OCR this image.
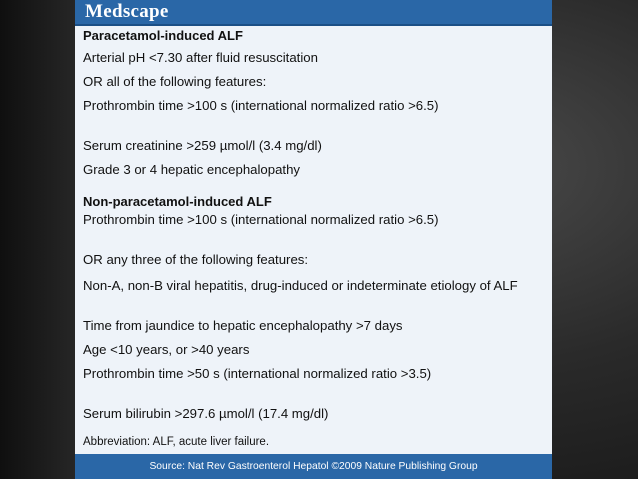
Medscape
Paracetamol-induced ALF
Arterial pH <7.30 after fluid resuscitation
OR all of the following features:
Prothrombin time >100 s (international normalized ratio >6.5)
Serum creatinine >259 µmol/l (3.4 mg/dl)
Grade 3 or 4 hepatic encephalopathy
Non-paracetamol-induced ALF
Prothrombin time >100 s (international normalized ratio >6.5)
OR any three of the following features:
Non-A, non-B viral hepatitis, drug-induced or indeterminate etiology of ALF
Time from jaundice to hepatic encephalopathy >7 days
Age <10 years, or >40 years
Prothrombin time >50 s (international normalized ratio >3.5)
Serum bilirubin >297.6 µmol/l (17.4 mg/dl)
Abbreviation: ALF, acute liver failure.
Source: Nat Rev Gastroenterol Hepatol ©2009 Nature Publishing Group
